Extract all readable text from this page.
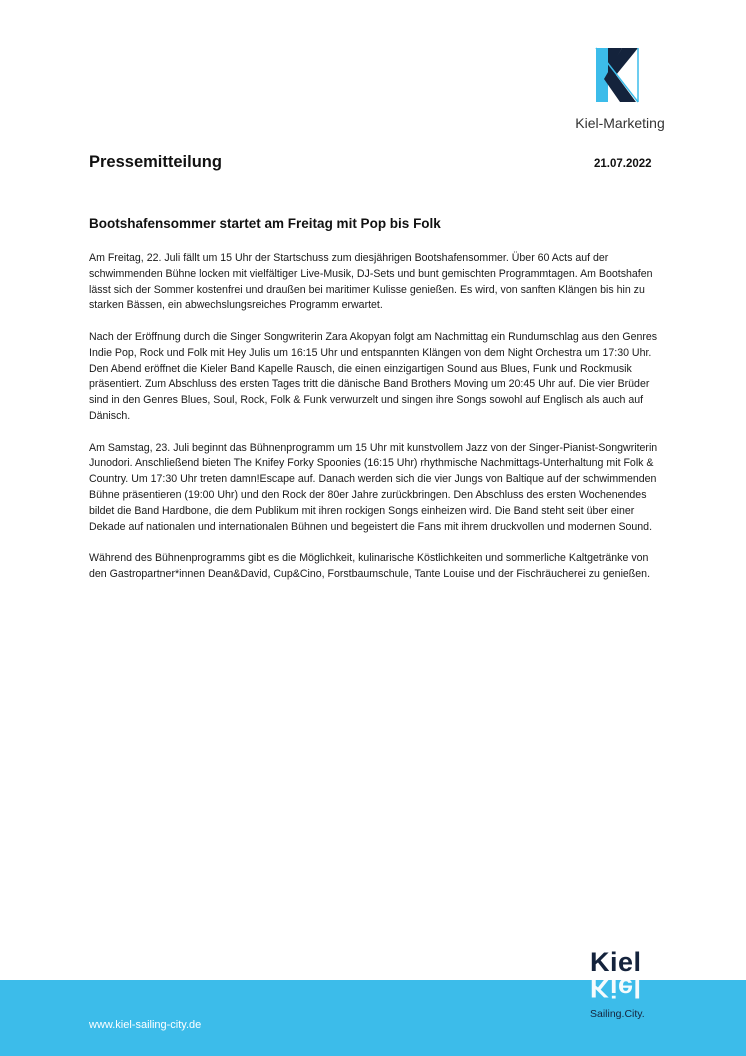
Kiel-Marketing
Pressemitteilung	21.07.2022
Bootshafensommer startet am Freitag mit Pop bis Folk

Am Freitag, 22. Juli fällt um 15 Uhr der Startschuss zum diesjährigen Bootshafensommer. Über 60 Acts auf der schwimmenden Bühne locken mit vielfältiger Live-Musik, DJ-Sets und bunt gemischten Programmtagen. Am Bootshafen lässt sich der Sommer kostenfrei und draußen bei maritimer Kulisse genießen. Es wird, von sanften Klängen bis hin zu starken Bässen, ein abwechslungsreiches Programm erwartet.

Nach der Eröffnung durch die Singer Songwriterin Zara Akopyan folgt am Nachmittag ein Rundumschlag aus den Genres Indie Pop, Rock und Folk mit Hey Julis um 16:15 Uhr und entspannten Klängen von dem Night Orchestra um 17:30 Uhr. Den Abend eröffnet die Kieler Band Kapelle Rausch, die einen einzigartigen Sound aus Blues, Funk und Rockmusik präsentiert. Zum Abschluss des ersten Tages tritt die dänische Band Brothers Moving um 20:45 Uhr auf. Die vier Brüder sind in den Genres Blues, Soul, Rock, Folk & Funk verwurzelt und singen ihre Songs sowohl auf Englisch als auch auf Dänisch.

Am Samstag, 23. Juli beginnt das Bühnenprogramm um 15 Uhr mit kunstvollem Jazz von der Singer-Pianist-Songwriterin Junodori. Anschließend bieten The Knifey Forky Spoonies (16:15 Uhr) rhythmische Nachmittags-Unterhaltung mit Folk & Country. Um 17:30 Uhr treten damn!Escape auf. Danach werden sich die vier Jungs von Baltique auf der schwimmenden Bühne präsentieren (19:00 Uhr) und den Rock der 80er Jahre zurückbringen. Den Abschluss des ersten Wochenendes bildet die Band Hardbone, die dem Publikum mit ihren rockigen Songs einheizen wird. Die Band steht seit über einer Dekade auf nationalen und internationalen Bühnen und begeistert die Fans mit ihrem druckvollen und modernen Sound.

Während des Bühnenprogramms gibt es die Möglichkeit, kulinarische Köstlichkeiten und sommerliche Kaltgetränke von den Gastropartner*innen Dean&David, Cup&Cino, Forstbaumschule, Tante Louise und der Fischräucherei zu genießen.

www.kiel-sailing-city.de
Kiel.
Kiel
Sailing.City.
